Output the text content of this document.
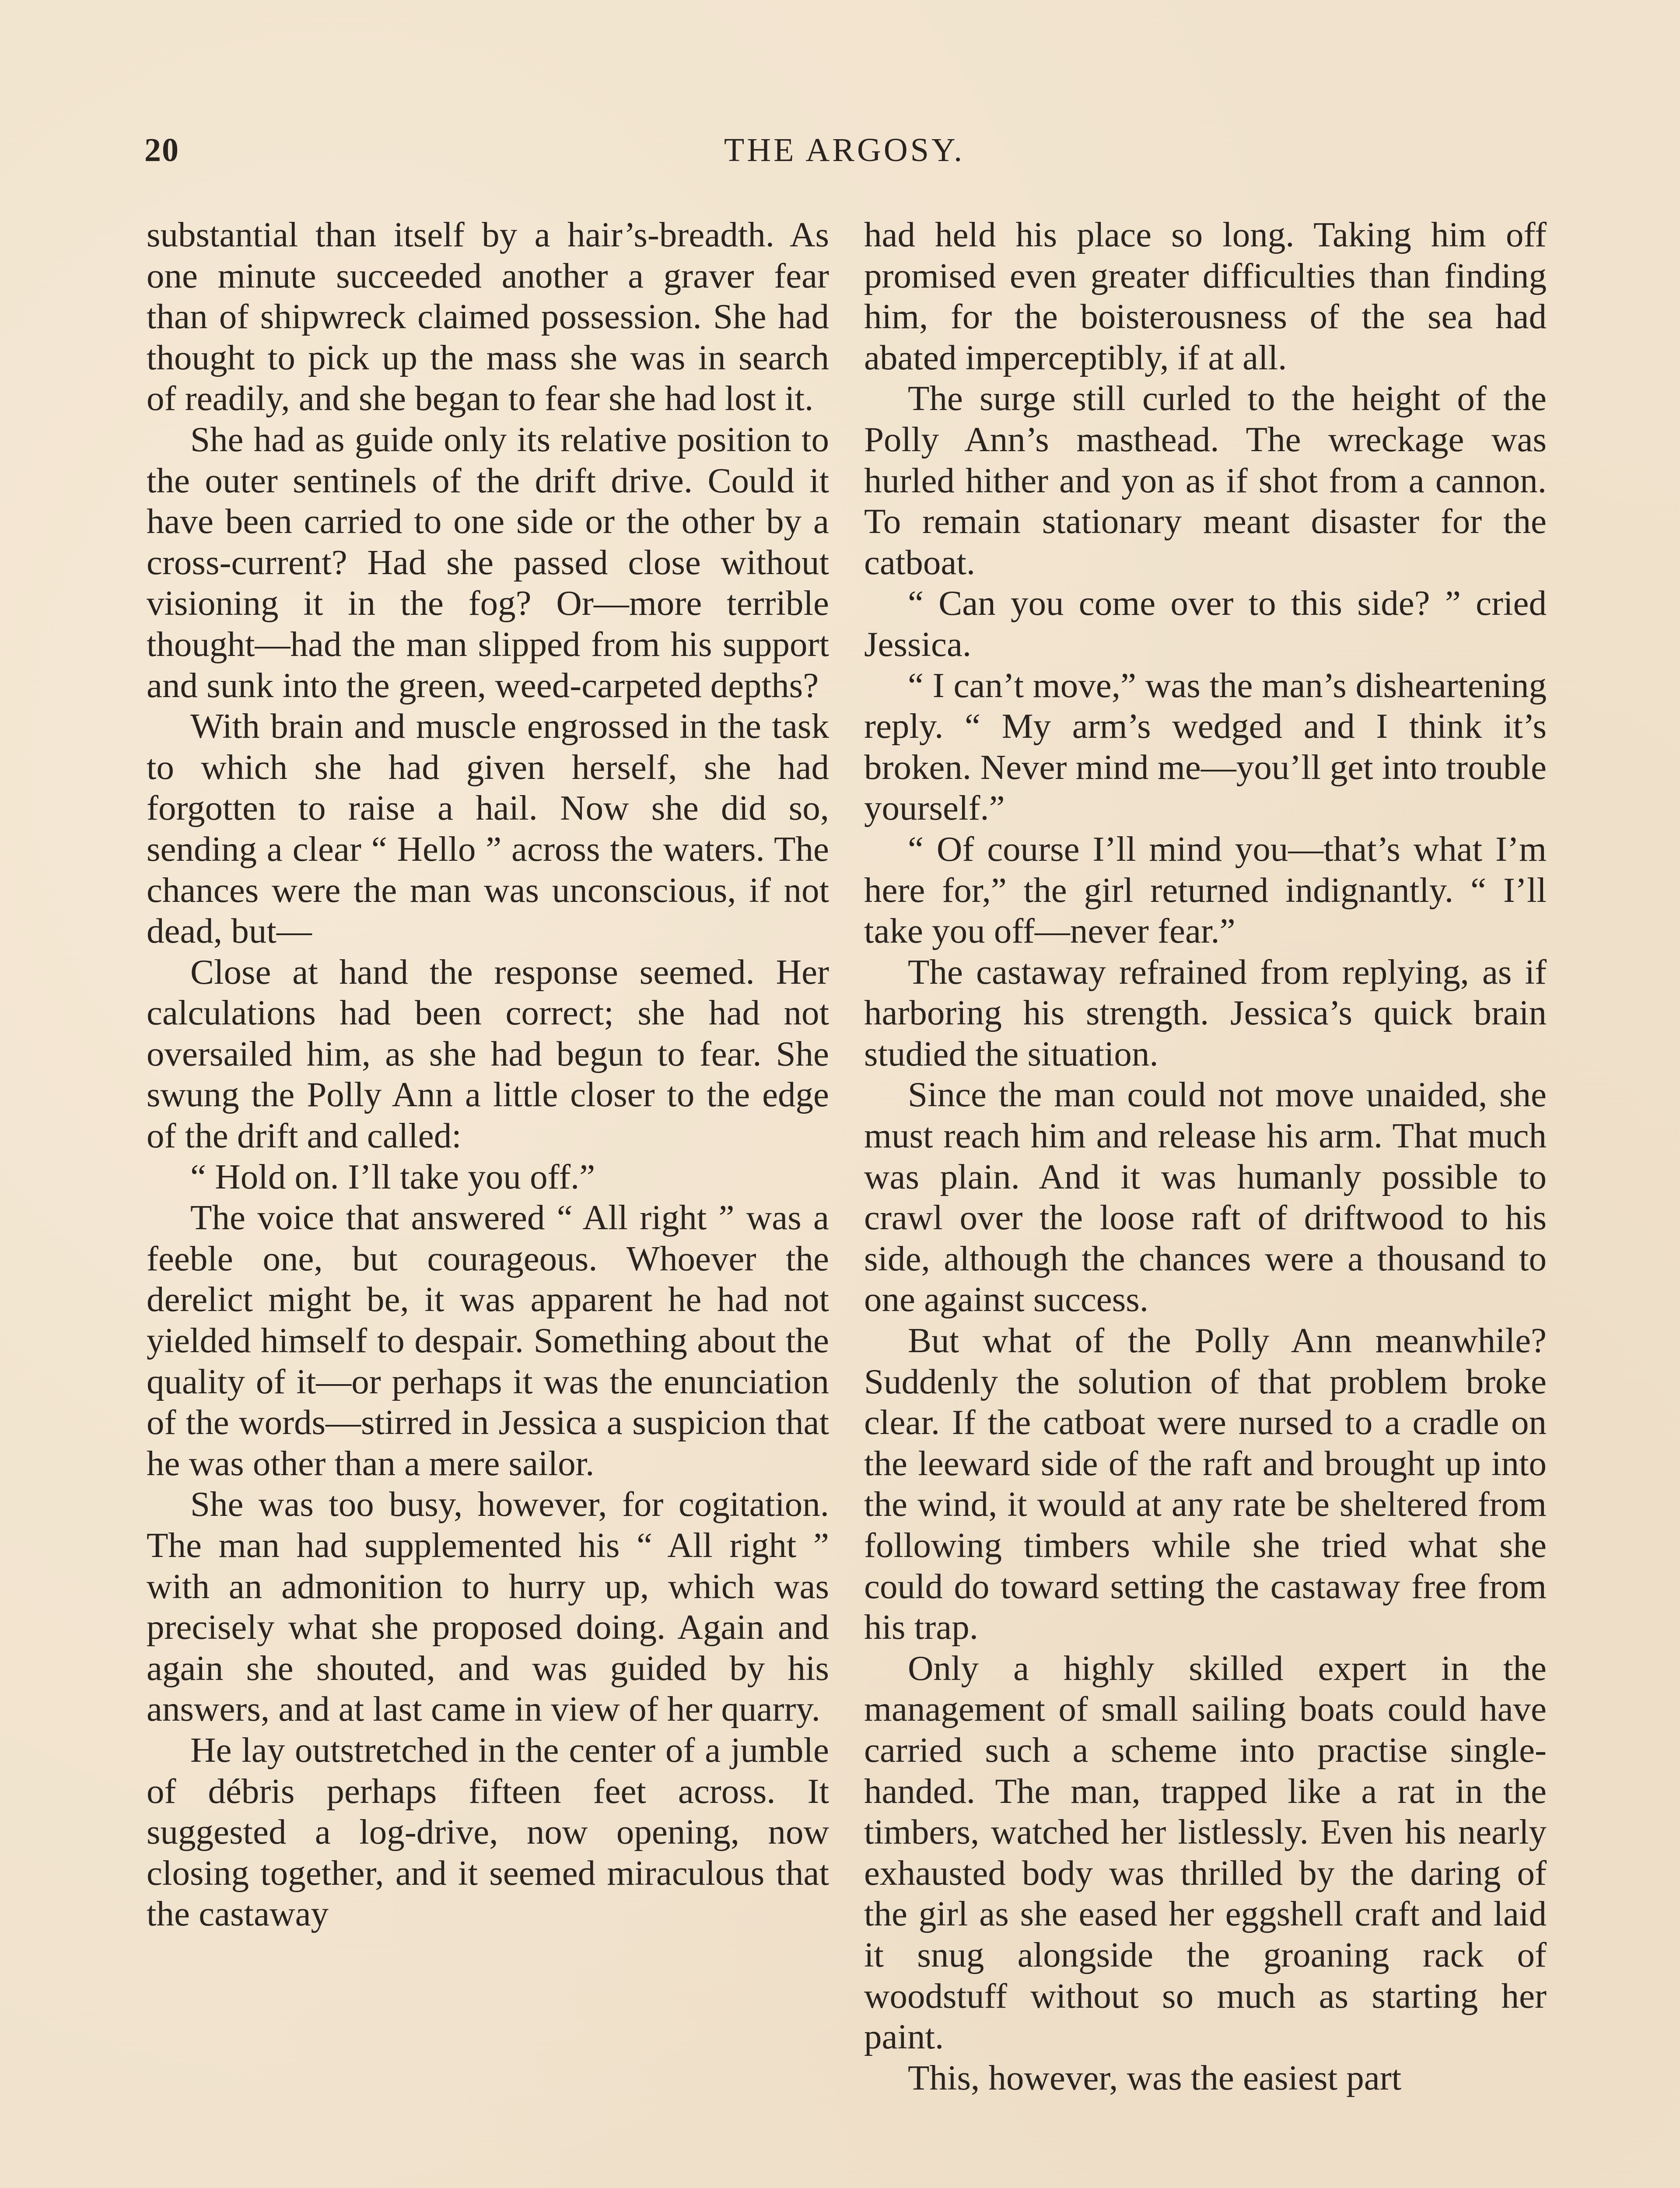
20	THE ARGOSY.

substantial than itself by a hair’s-breadth. As one minute succeeded another a graver fear than of shipwreck claimed possession. She had thought to pick up the mass she was in search of readily, and she began to fear she had lost it.

She had as guide only its relative position to the outer sentinels of the drift drive. Could it have been carried to one side or the other by a cross-current? Had she passed close without visioning it in the fog? Or—more terrible thought—had the man slipped from his support and sunk into the green, weed-carpeted depths?

With brain and muscle engrossed in the task to which she had given herself, she had forgotten to raise a hail. Now she did so, sending a clear “ Hello ” across the waters. The chances were the man was unconscious, if not dead, but—

Close at hand the response seemed. Her calculations had been correct; she had not oversailed him, as she had begun to fear. She swung the Polly Ann a little closer to the edge of the drift and called:

“ Hold on. I’ll take you off.”

The voice that answered “ All right ” was a feeble one, but courageous. Whoever the derelict might be, it was apparent he had not yielded himself to despair. Something about the quality of it—or perhaps it was the enunciation of the words—stirred in Jessica a suspicion that he was other than a mere sailor.

She was too busy, however, for cogitation. The man had supplemented his “ All right ” with an admonition to hurry up, which was precisely what she proposed doing. Again and again she shouted, and was guided by his answers, and at last came in view of her quarry.

He lay outstretched in the center of a jumble of débris perhaps fifteen feet across. It suggested a log-drive, now opening, now closing together, and it seemed miraculous that the castaway

had held his place so long. Taking him off promised even greater difficulties than finding him, for the boisterousness of the sea had abated imperceptibly, if at all.

The surge still curled to the height of the Polly Ann’s masthead. The wreckage was hurled hither and yon as if shot from a cannon. To remain stationary meant disaster for the catboat.

“ Can you come over to this side? ” cried Jessica.

“ I can’t move,” was the man’s disheartening reply. “ My arm’s wedged and I think it’s broken. Never mind me—you’ll get into trouble yourself.”

“ Of course I’ll mind you—that’s what I’m here for,” the girl returned indignantly. “ I’ll take you off—never fear.”

The castaway refrained from replying, as if harboring his strength. Jessica’s quick brain studied the situation.

Since the man could not move unaided, she must reach him and release his arm. That much was plain. And it was humanly possible to crawl over the loose raft of driftwood to his side, although the chances were a thousand to one against success.

But what of the Polly Ann meanwhile? Suddenly the solution of that problem broke clear. If the catboat were nursed to a cradle on the leeward side of the raft and brought up into the wind, it would at any rate be sheltered from following timbers while she tried what she could do toward setting the castaway free from his trap.

Only a highly skilled expert in the management of small sailing boats could have carried such a scheme into practise single-handed. The man, trapped like a rat in the timbers, watched her listlessly. Even his nearly exhausted body was thrilled by the daring of the girl as she eased her eggshell craft and laid it snug alongside the groaning rack of woodstuff without so much as starting her paint.

This, however, was the easiest part
